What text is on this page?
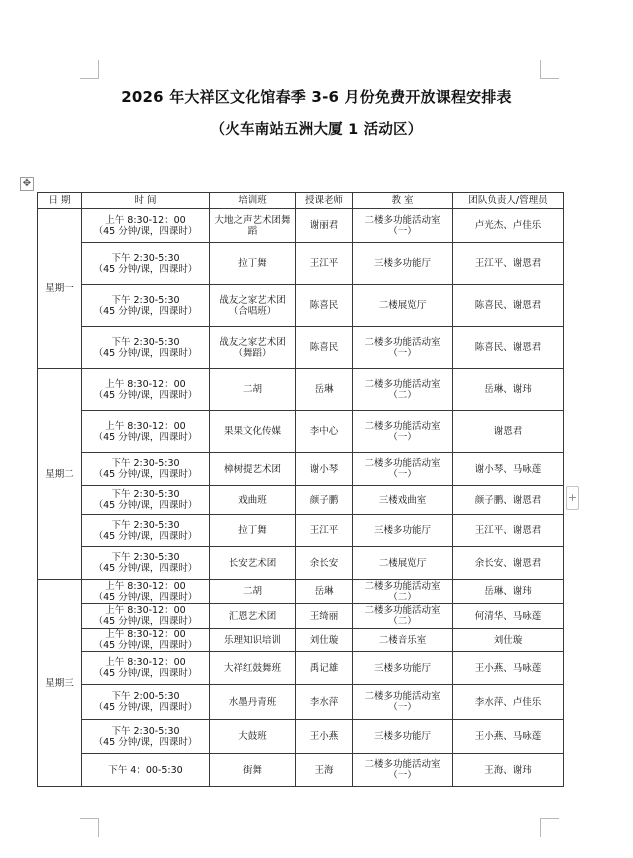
2026 年大祥区文化馆春季 3-6 月份免费开放课程安排表
（火车南站五洲大厦 1 活动区）
✥
+
日 期	时 间	培训班	授课老师	教 室	团队负责人/管理员
星期一	上午 8:30-12：00
（45 分钟/课，四课时）	大地之声艺术团舞蹈	谢丽君	二楼多功能活动室（一）	卢光杰、卢佳乐

	下午 2:30-5:30
（45 分钟/课，四课时）	拉丁舞	王江平	三楼多功能厅	王江平、谢恩君

	下午 2:30-5:30
（45 分钟/课，四课时）	战友之家艺术团（合唱班）	陈喜民	二楼展览厅	陈喜民、谢恩君

	下午 2:30-5:30
（45 分钟/课，四课时）	战友之家艺术团（舞蹈）	陈喜民	二楼多功能活动室（一）	陈喜民、谢恩君
星期二	上午 8:30-12：00
（45 分钟/课，四课时）	二胡	岳琳	二楼多功能活动室（二）	岳琳、谢玮

	上午 8:30-12：00
（45 分钟/课，四课时）	果果文化传媒	李中心	二楼多功能活动室（一）	谢恩君

	下午 2:30-5:30
（45 分钟/课，四课时）	樟树提艺术团	谢小琴	二楼多功能活动室（一）	谢小琴、马咏莲

	下午 2:30-5:30
（45 分钟/课，四课时）	戏曲班	颜子鹏	三楼戏曲室	颜子鹏、谢恩君

	下午 2:30-5:30
（45 分钟/课，四课时）	拉丁舞	王江平	三楼多功能厅	王江平、谢恩君

	下午 2:30-5:30
（45 分钟/课，四课时）	长安艺术团	余长安	二楼展览厅	余长安、谢恩君
星期三	上午 8:30-12：00
（45 分钟/课，四课时）	二胡	岳琳	二楼多功能活动室（二）	岳琳、谢玮

	上午 8:30-12：00
（45 分钟/课，四课时）	汇恩艺术团	王绮丽	二楼多功能活动室（二）	何清华、马咏莲

	上午 8:30-12：00
（45 分钟/课，四课时）	乐理知识培训	刘仕璇	二楼音乐室	刘仕璇

	上午 8:30-12：00
（45 分钟/课，四课时）	大祥红鼓舞班	禹记雄	三楼多功能厅	王小燕、马咏莲

	下午 2:00-5:30
（45 分钟/课，四课时）	水墨丹青班	李水萍	二楼多功能活动室（一）	李水萍、卢佳乐

	下午 2:30-5:30
（45 分钟/课，四课时）	大鼓班	王小燕	三楼多功能厅	王小燕、马咏莲

	下午 4：00-5:30	街舞	王海	二楼多功能活动室（一）	王海、谢玮
